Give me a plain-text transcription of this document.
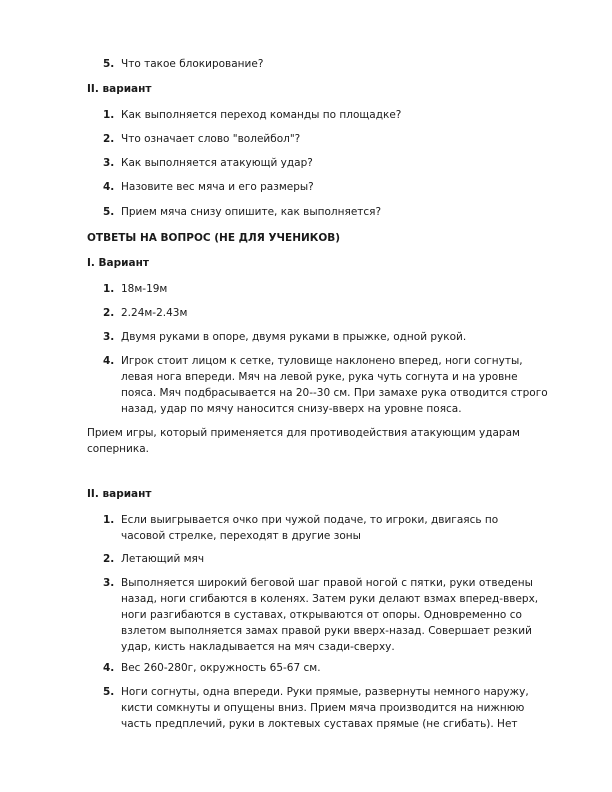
5. Что такое блокирование?
II. вариант
1. Как выполняется переход команды по площадке?
2. Что означает слово "волейбол"?
3. Как выполняется атакующй удар?
4. Назовите вес мяча и его размеры?
5. Прием мяча снизу опишите, как выполняется?
ОТВЕТЫ НА ВОПРОС (НЕ ДЛЯ УЧЕНИКОВ)
I. Вариант
1. 18м-19м
2. 2.24м-2.43м
3. Двумя руками в опоре, двумя руками в прыжке, одной рукой.
4. Игрок стоит лицом к сетке, туловище наклонено вперед, ноги согнуты,
левая нога впереди. Мяч на левой руке, рука чуть согнута и на уровне
пояса. Мяч подбрасывается на 20--30 см. При замахе рука отводится строго
назад, удар по мячу наносится снизу-вверх на уровне пояса.
Прием игры, который применяется для противодействия атакующим ударам
соперника.
II. вариант
1. Если выигрывается очко при чужой подаче, то игроки, двигаясь по
часовой стрелке, переходят в другие зоны
2. Летающий мяч
3. Выполняется широкий беговой шаг правой ногой с пятки, руки отведены
назад, ноги сгибаются в коленях. Затем руки делают взмах вперед-вверх,
ноги разгибаются в суставах, открываются от опоры. Одновременно со
взлетом выполняется замах правой руки вверх-назад. Совершает резкий
удар, кисть накладывается на мяч сзади-сверху.
4. Вес 260-280г, окружность 65-67 см.
5. Ноги согнуты, одна впереди. Руки прямые, развернуты немного наружу,
кисти сомкнуты и опущены вниз. Прием мяча производится на нижнюю
часть предплечий, руки в локтевых суставах прямые (не сгибать). Нет
